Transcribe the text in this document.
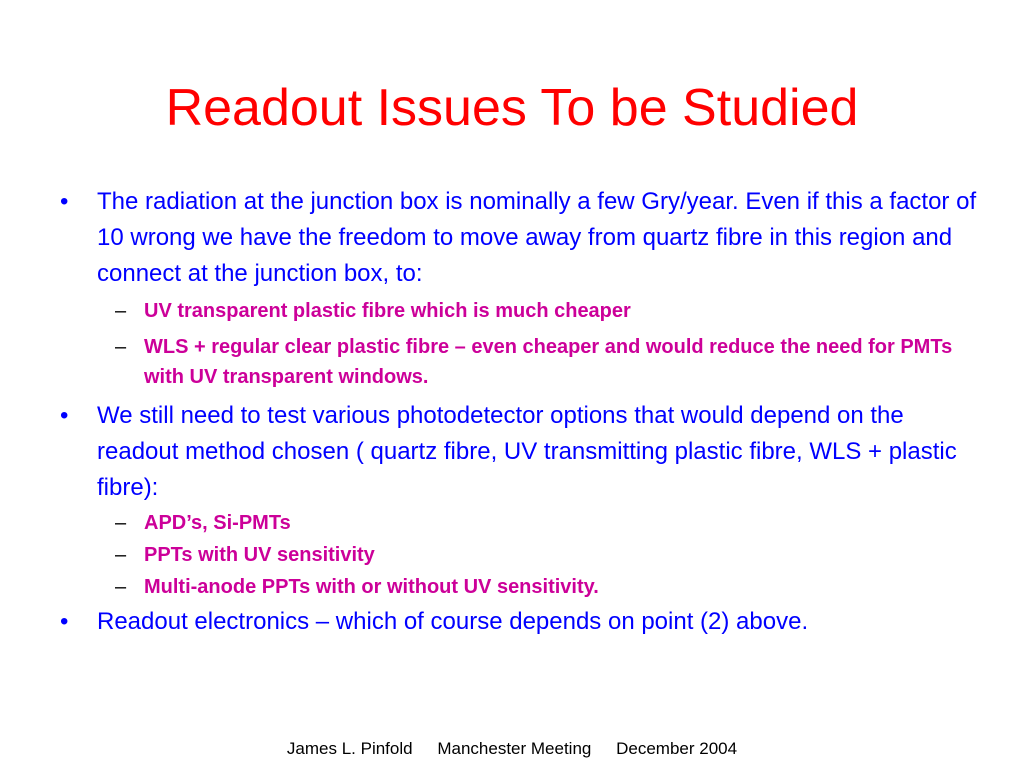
Readout Issues To be Studied

• The radiation at the junction box is nominally a few Gry/year. Even if this a factor of 10 wrong we have the freedom to move away from quartz fibre in this region and connect at the junction box, to:

– UV transparent plastic fibre which is much cheaper

– WLS + regular clear plastic fibre – even cheaper and would reduce the need for PMTs with UV transparent windows.

• We still need to test various photodetector options that would depend on the readout method chosen ( quartz fibre, UV transmitting plastic fibre, WLS + plastic fibre):

– APD’s, Si-PMTs

– PPTs with UV sensitivity

– Multi-anode PPTs with or without UV sensitivity.

• Readout electronics – which of course depends on point (2) above.

James L. Pinfold Manchester Meeting December 2004
